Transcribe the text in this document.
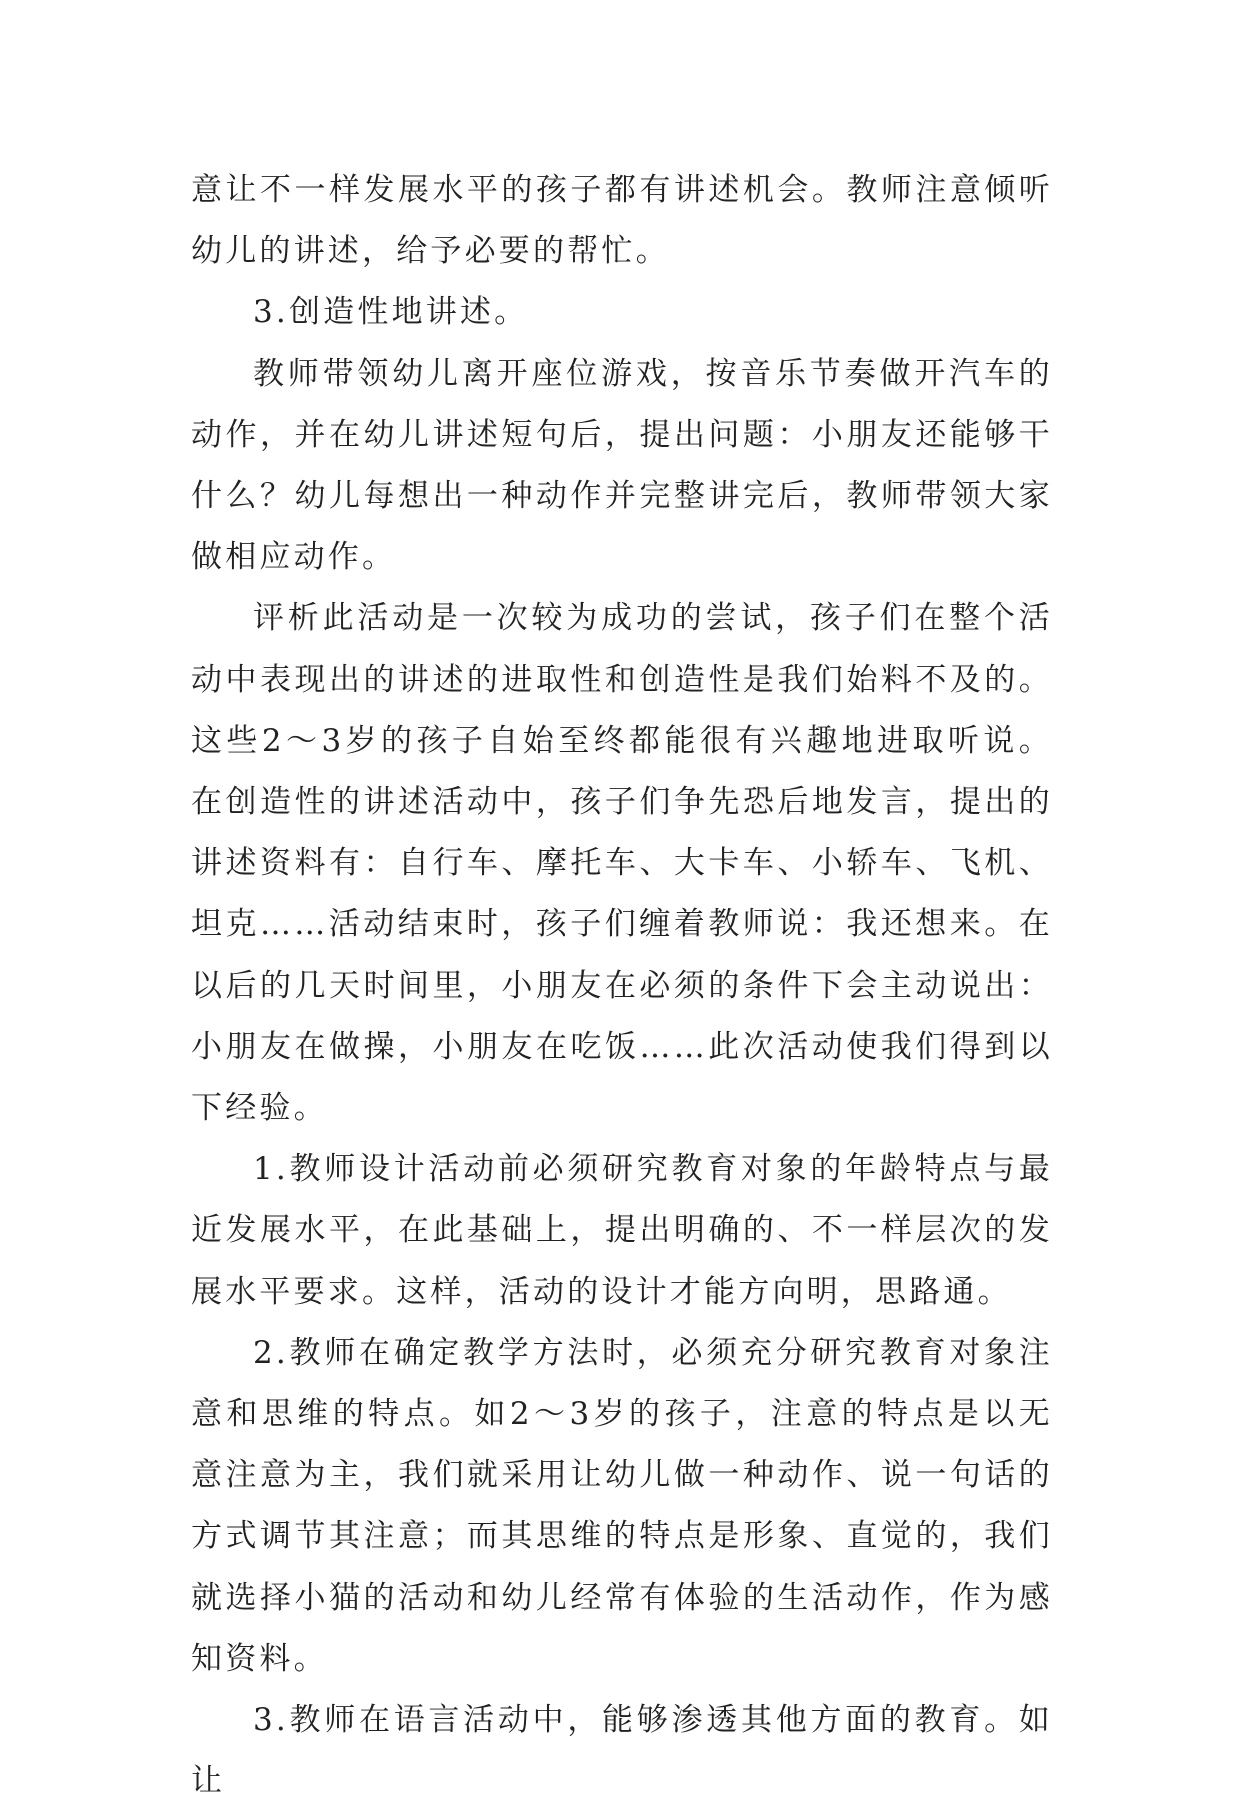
意让不一样发展水平的孩子都有讲述机会。教师注意倾听幼儿的讲述，给予必要的帮忙。

3.创造性地讲述。

教师带领幼儿离开座位游戏，按音乐节奏做开汽车的动作，并在幼儿讲述短句后，提出问题：小朋友还能够干什么？幼儿每想出一种动作并完整讲完后，教师带领大家做相应动作。

评析此活动是一次较为成功的尝试，孩子们在整个活动中表现出的讲述的进取性和创造性是我们始料不及的。这些2～3岁的孩子自始至终都能很有兴趣地进取听说。在创造性的讲述活动中，孩子们争先恐后地发言，提出的讲述资料有：自行车、摩托车、大卡车、小轿车、飞机、坦克……活动结束时，孩子们缠着教师说：我还想来。在以后的几天时间里，小朋友在必须的条件下会主动说出：小朋友在做操，小朋友在吃饭……此次活动使我们得到以下经验。

1.教师设计活动前必须研究教育对象的年龄特点与最近发展水平，在此基础上，提出明确的、不一样层次的发展水平要求。这样，活动的设计才能方向明，思路通。

2.教师在确定教学方法时，必须充分研究教育对象注意和思维的特点。如2～3岁的孩子，注意的特点是以无意注意为主，我们就采用让幼儿做一种动作、说一句话的方式调节其注意；而其思维的特点是形象、直觉的，我们就选择小猫的活动和幼儿经常有体验的生活动作，作为感知资料。

3.教师在语言活动中，能够渗透其他方面的教育。如让
